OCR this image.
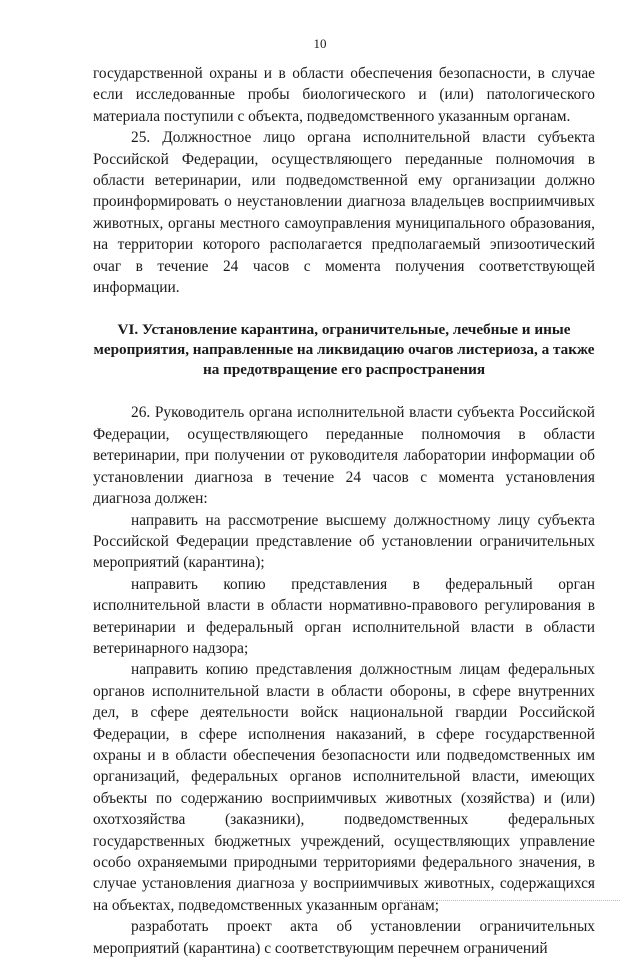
10

государственной охраны и в области обеспечения безопасности, в случае если исследованные пробы биологического и (или) патологического материала поступили с объекта, подведомственного указанным органам.

25. Должностное лицо органа исполнительной власти субъекта Российской Федерации, осуществляющего переданные полномочия в области ветеринарии, или подведомственной ему организации должно проинформировать о неустановлении диагноза владельцев восприимчивых животных, органы местного самоуправления муниципального образования, на территории которого располагается предполагаемый эпизоотический очаг в течение 24 часов с момента получения соответствующей информации.

VI. Установление карантина, ограничительные, лечебные и иные мероприятия, направленные на ликвидацию очагов листериоза, а также на предотвращение его распространения

26. Руководитель органа исполнительной власти субъекта Российской Федерации, осуществляющего переданные полномочия в области ветеринарии, при получении от руководителя лаборатории информации об установлении диагноза в течение 24 часов с момента установления диагноза должен:

направить на рассмотрение высшему должностному лицу субъекта Российской Федерации представление об установлении ограничительных мероприятий (карантина);

направить копию представления в федеральный орган исполнительной власти в области нормативно-правового регулирования в ветеринарии и федеральный орган исполнительной власти в области ветеринарного надзора;

направить копию представления должностным лицам федеральных органов исполнительной власти в области обороны, в сфере внутренних дел, в сфере деятельности войск национальной гвардии Российской Федерации, в сфере исполнения наказаний, в сфере государственной охраны и в области обеспечения безопасности или подведомственных им организаций, федеральных органов исполнительной власти, имеющих объекты по содержанию восприимчивых животных (хозяйства) и (или) охотхозяйства (заказники), подведомственных федеральных государственных бюджетных учреждений, осуществляющих управление особо охраняемыми природными территориями федерального значения, в случае установления диагноза у восприимчивых животных, содержащихся на объектах, подведомственных указанным органам;

разработать проект акта об установлении ограничительных мероприятий (карантина) с соответствующим перечнем ограничений
